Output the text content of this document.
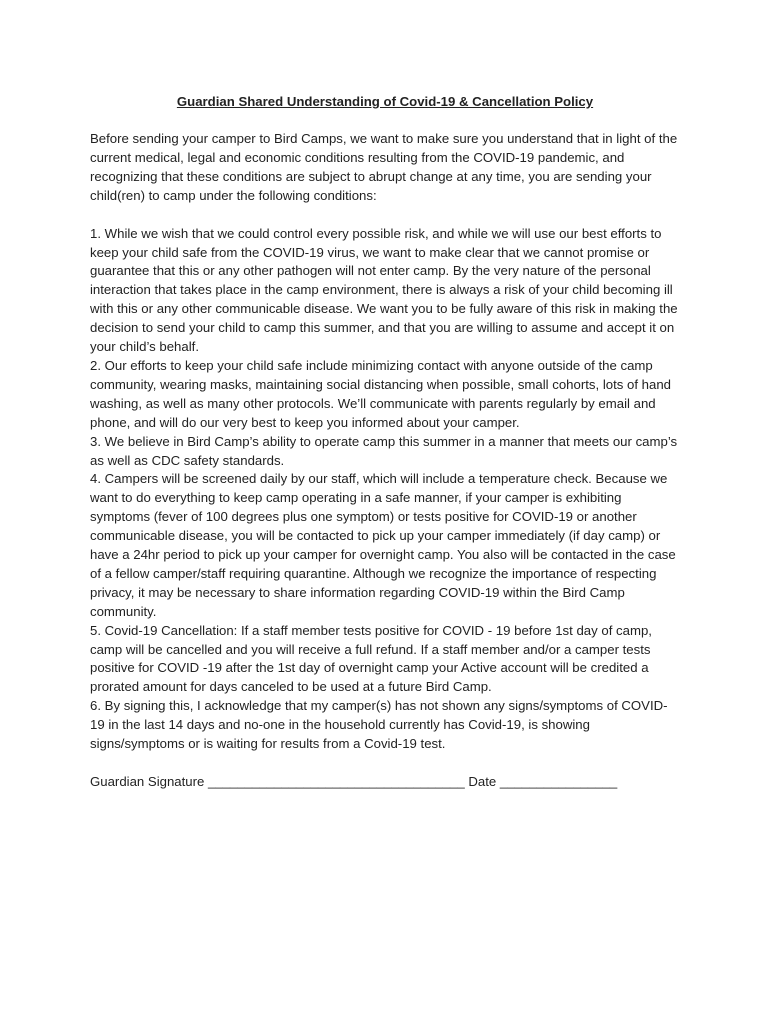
Guardian Shared Understanding of Covid-19 & Cancellation Policy

Before sending your camper to Bird Camps, we want to make sure you understand that in light of the current medical, legal and economic conditions resulting from the COVID-19 pandemic, and recognizing that these conditions are subject to abrupt change at any time, you are sending your child(ren) to camp under the following conditions:

1. While we wish that we could control every possible risk, and while we will use our best efforts to keep your child safe from the COVID-19 virus, we want to make clear that we cannot promise or guarantee that this or any other pathogen will not enter camp. By the very nature of the personal interaction that takes place in the camp environment, there is always a risk of your child becoming ill with this or any other communicable disease. We want you to be fully aware of this risk in making the decision to send your child to camp this summer, and that you are willing to assume and accept it on your child’s behalf.

2. Our efforts to keep your child safe include minimizing contact with anyone outside of the camp community, wearing masks, maintaining social distancing when possible, small cohorts, lots of hand washing, as well as many other protocols. We’ll communicate with parents regularly by email and phone, and will do our very best to keep you informed about your camper.

3. We believe in Bird Camp’s ability to operate camp this summer in a manner that meets our camp’s as well as CDC safety standards.

4. Campers will be screened daily by our staff, which will include a temperature check. Because we want to do everything to keep camp operating in a safe manner, if your camper is exhibiting symptoms (fever of 100 degrees plus one symptom) or tests positive for COVID-19 or another communicable disease, you will be contacted to pick up your camper immediately (if day camp) or have a 24hr period to pick up your camper for overnight camp. You also will be contacted in the case of a fellow camper/staff requiring quarantine. Although we recognize the importance of respecting privacy, it may be necessary to share information regarding COVID-19 within the Bird Camp community.

5. Covid-19 Cancellation: If a staff member tests positive for COVID - 19 before 1st day of camp, camp will be cancelled and you will receive a full refund. If a staff member and/or a camper tests positive for COVID -19 after the 1st day of overnight camp your Active account will be credited a prorated amount for days canceled to be used at a future Bird Camp.

6. By signing this, I acknowledge that my camper(s) has not shown any signs/symptoms of COVID-19 in the last 14 days and no-one in the household currently has Covid-19, is showing signs/symptoms or is waiting for results from a Covid-19 test.

Guardian Signature ___________________________________ Date ________________
